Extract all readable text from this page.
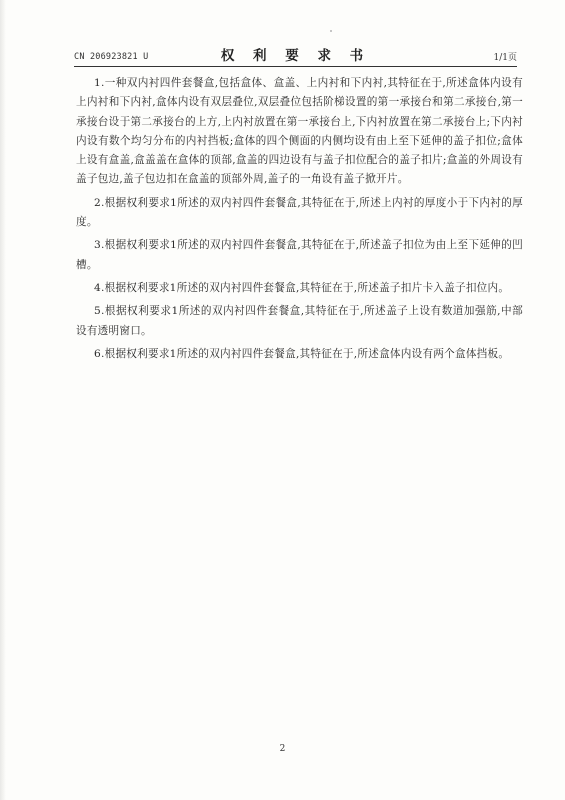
CN 206923821 U	权 利 要 求 书	1/1页

1.一种双内衬四件套餐盒,包括盒体、盒盖、上内衬和下内衬,其特征在于,所述盒体内设有上内衬和下内衬,盒体内设有双层叠位,双层叠位包括阶梯设置的第一承接台和第二承接台,第一承接台设于第二承接台的上方,上内衬放置在第一承接台上,下内衬放置在第二承接台上;下内衬内设有数个均匀分布的内衬挡板;盒体的四个侧面的内侧均设有由上至下延伸的盖子扣位;盒体上设有盒盖,盒盖盖在盒体的顶部,盒盖的四边设有与盖子扣位配合的盖子扣片;盒盖的外周设有盖子包边,盖子包边扣在盒盖的顶部外周,盖子的一角设有盖子掀开片。

2.根据权利要求1所述的双内衬四件套餐盒,其特征在于,所述上内衬的厚度小于下内衬的厚度。

3.根据权利要求1所述的双内衬四件套餐盒,其特征在于,所述盖子扣位为由上至下延伸的凹槽。

4.根据权利要求1所述的双内衬四件套餐盒,其特征在于,所述盖子扣片卡入盖子扣位内。

5.根据权利要求1所述的双内衬四件套餐盒,其特征在于,所述盖子上设有数道加强筋,中部设有透明窗口。

6.根据权利要求1所述的双内衬四件套餐盒,其特征在于,所述盒体内设有两个盒体挡板。

2
